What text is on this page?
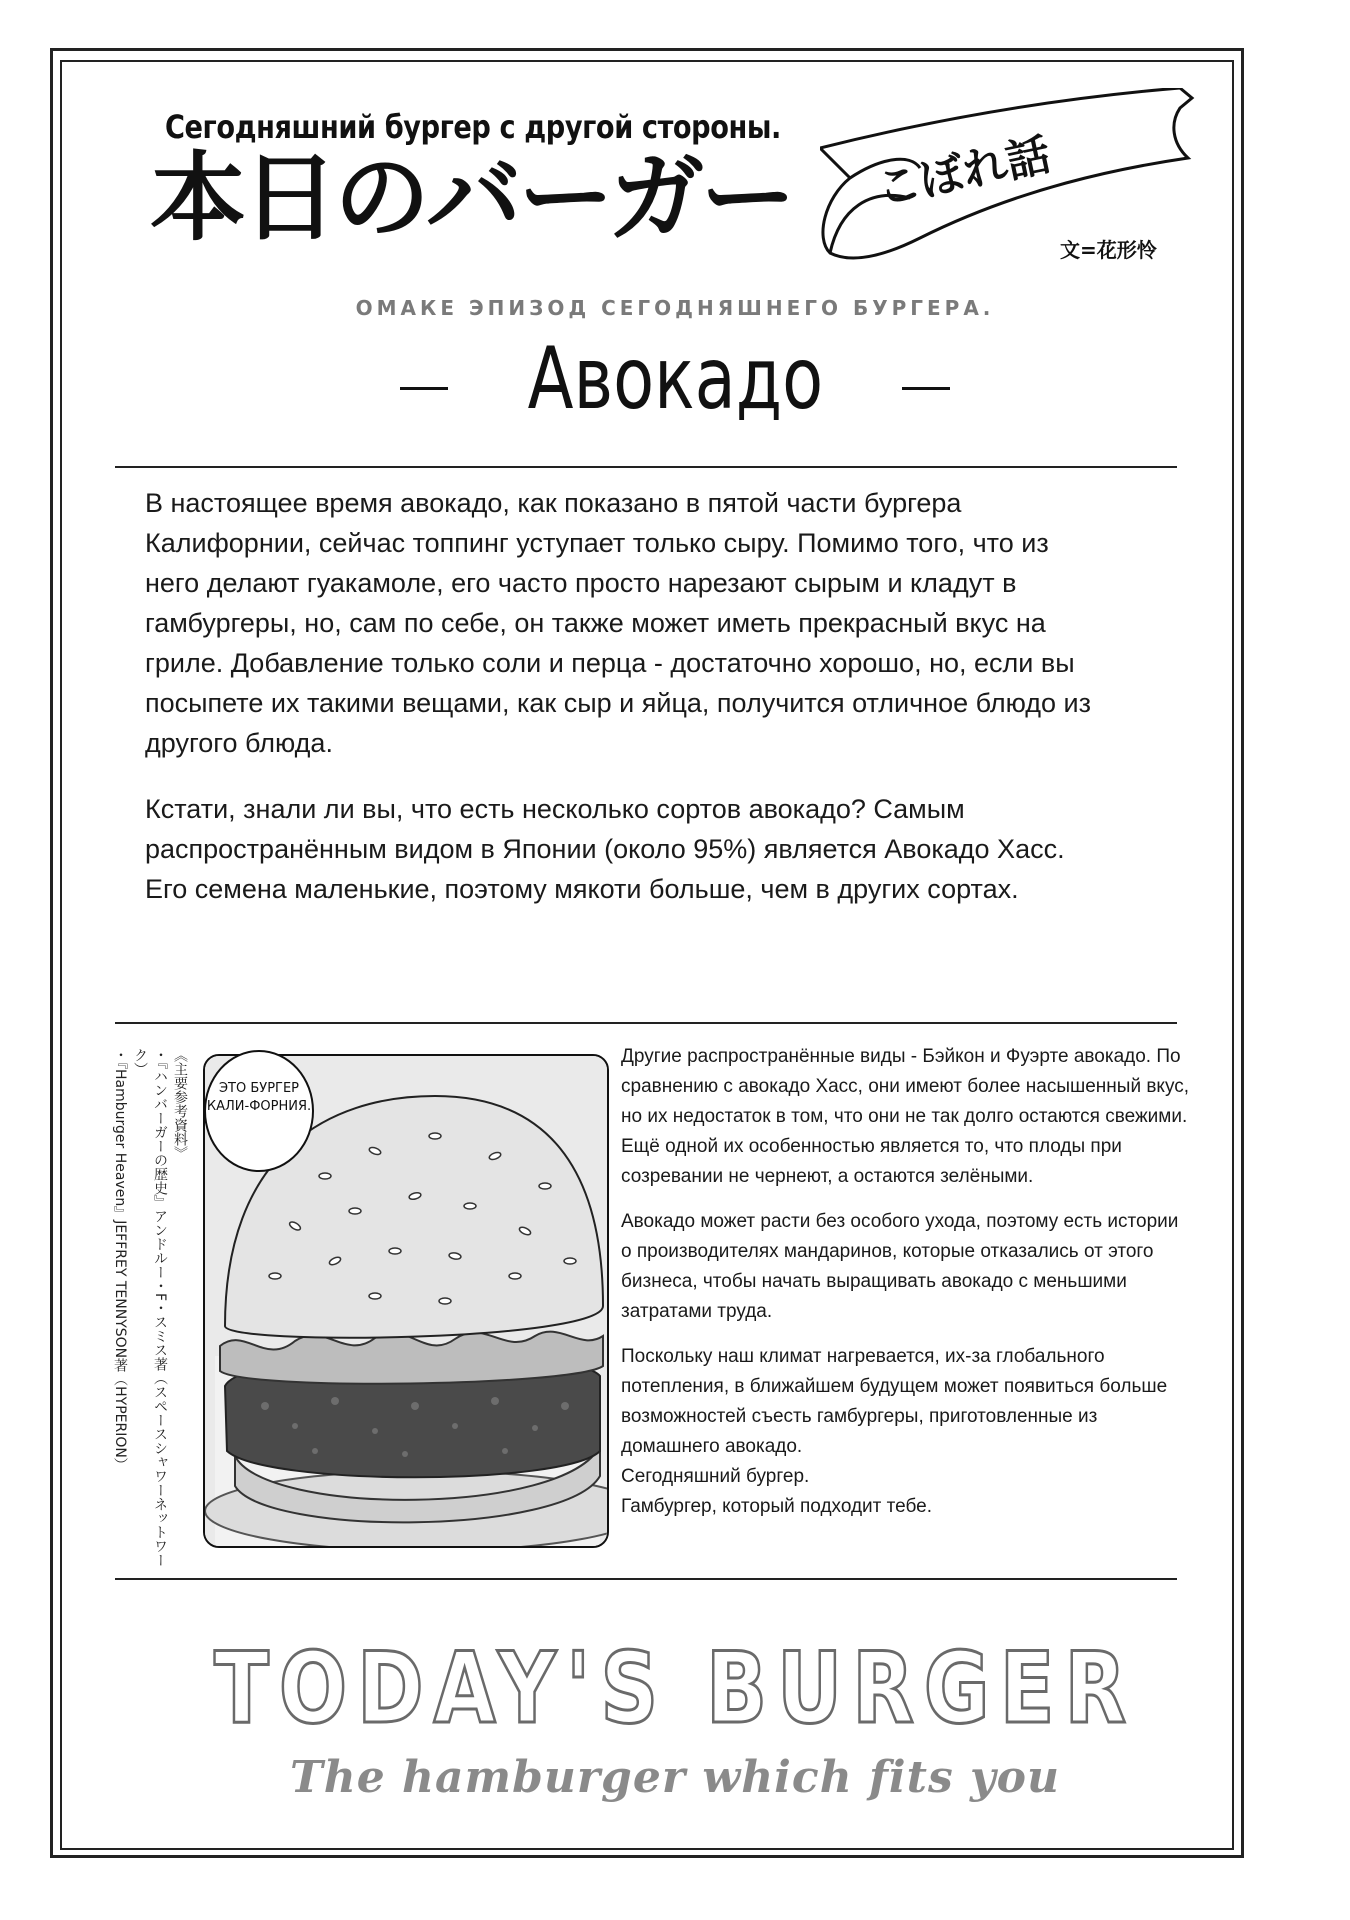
Сегодняшний бургер с другой стороны.
本日のバーガー こぼれ話
文=花形怜
ОМАКЕ ЭПИЗОД СЕГОДНЯШНЕГО БУРГЕРА.
Авокадо

В настоящее время авокадо, как показано в пятой части бургера Калифорнии, сейчас топпинг уступает только сыру. Помимо того, что из него делают гуакамоле, его часто просто нарезают сырым и кладут в гамбургеры, но, сам по себе, он также может иметь прекрасный вкус на гриле. Добавление только соли и перца ‐ достаточно хорошо, но, если вы посыпете их такими вещами, как сыр и яйца, получится отличное блюдо из другого блюда.

Кстати, знали ли вы, что есть несколько сортов авокадо? Самым распространённым видом в Японии (около 95%) является Авокадо Хасс. Его семена маленькие, поэтому мякоти больше, чем в других сортах.

《主要参考資料》
・『ハンバーガーの歴史』アンドルー・F・スミス著（スペースシャワーネットワーク）
・『Hamburger Heaven』JEFFREY TENNYSON著（HYPERION）	ЭТО БУРГЕР КАЛИ-ФОРНИЯ.

Другие распространённые виды ‐ Бэйкон и Фуэрте авокадо. По сравнению с авокадо Хасс, они имеют более насышенный вкус, но их недостаток в том, что они не так долго остаются свежими. Ещё одной их особенностью является то, что плоды при созревании не чернеют, а остаются зелёными.

Авокадо может расти без особого ухода, поэтому есть истории о производителях мандаринов, которые отказались от этого бизнеса, чтобы начать выращивать авокадо с меньшими затратами труда.

Поскольку наш климат нагревается, их-за глобального потепления, в ближайшем будущем может появиться больше возможностей съесть гамбургеры, приготовленные из домашнего авокадо.

Сегодняшний бургер.
Гамбургер, который подходит тебе.
TODAY'S BURGER
The hamburger which fits you
